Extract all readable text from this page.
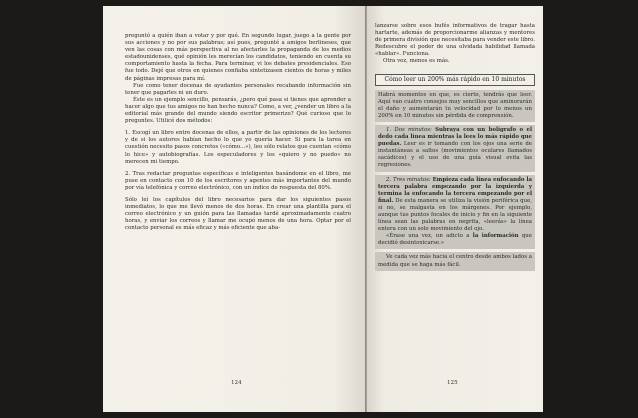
preguntó a quién iban a votar y por qué. En segundo lugar, juego a la gente por sus acciones y no por sus palabras; así pues, pregunté a amigos berlineses, que ven las cosas con más perspectiva al no afectarles la propaganda de los medios estadounidenses, qué opinión les merecían los candidatos, teniendo en cuenta su comportamiento hasta la fecha. Para terminar, vi los debates presidenciales. Eso fue todo. Dejé que otros en quienes confiaba sintetizasen cientos de horas y miles de páginas impresas para mí.

Fue como tener docenas de ayudantes personales recabando información sin tener que pagarles ni un duro.

Éste es un ejemplo sencillo, pensarás, ¿pero qué pasa si tienes que aprender a hacer algo que tus amigos no han hecho nunca? Como, a ver, ¿vender un libro a la editorial más grande del mundo siendo escritor primerizo? Qué curioso que lo preguntes. Utilicé dos métodos:

1. Escogí un libro entre docenas de ellos, a partir de las opiniones de los lectores y de si los autores habían hecho lo que yo quería hacer. Si para la tarea en cuestión necesito pasos concretos («cómo...»), leo sólo relatos que cuentan «cómo lo hice» y autobiografías. Los especuladores y los «quiero y no puedo» no merecen mi tiempo.

2. Tras redactar preguntas específicas e inteligentes basándome en el libro, me puse en contacto con 10 de los escritores y agentes más importantes del mundo por vía telefónica y correo electrónico, con un índice de respuesta del 80%.

Sólo leí los capítulos del libro necesarios para dar los siguientes pasos inmediatos, lo que me llevó menos de dos horas. En crear una plantilla para el correo electrónico y un guión para las llamadas tardé aproximadamente cuatro horas, y enviar los correos y llamar me ocupó menos de una hora. Optar por el contacto personal es más eficaz y más eficiente que aba-

124

lanzarse sobre esos bufés informativos de tragar hasta hartarte, además de proporcionarme alianzas y mentores de primera división que necesitaba para vender este libro. Redescubre el poder de una olvidada habilidad llamada «hablar». Funciona.

Otra vez, menos es más.

Cómo leer un 200% más rápido en 10 minutos

Habrá momentos en que, es cierto, tendrás que leer. Aquí van cuatro consejos muy sencillos que aminorarán el daño y aumentarán tu velocidad por lo menos un 200% en 10 minutos sin pérdida de comprensión.

1. Dos minutos: Subraya con un bolígrafo o el dedo cada línea mientras la lees lo más rápido que puedas. Leer es ir tomando con los ojos una serie de instantáneas a saltos (movimientos oculares llamados sacádicos) y el uso de una guía visual evita las regresiones.

2. Tres minutos: Empieza cada línea enfocando la tercera palabra empezando por la izquierda y termina la enfocando la tercera empezando por el final. De esta manera se utiliza la visión periférica que, si no, se malgasta en los márgenes. Por ejemplo, aunque tus puntos focales de inicio y fin en la siguiente línea sean las palabras en negrita, «leerás» la línea entera con un solo movimiento del ojo.

«Érase una vez, un adicto a la información que decidió desintoxicarse.»

Ve cada vez más hacia el centro desde ambos lados a medida que se haga más fácil.

125
